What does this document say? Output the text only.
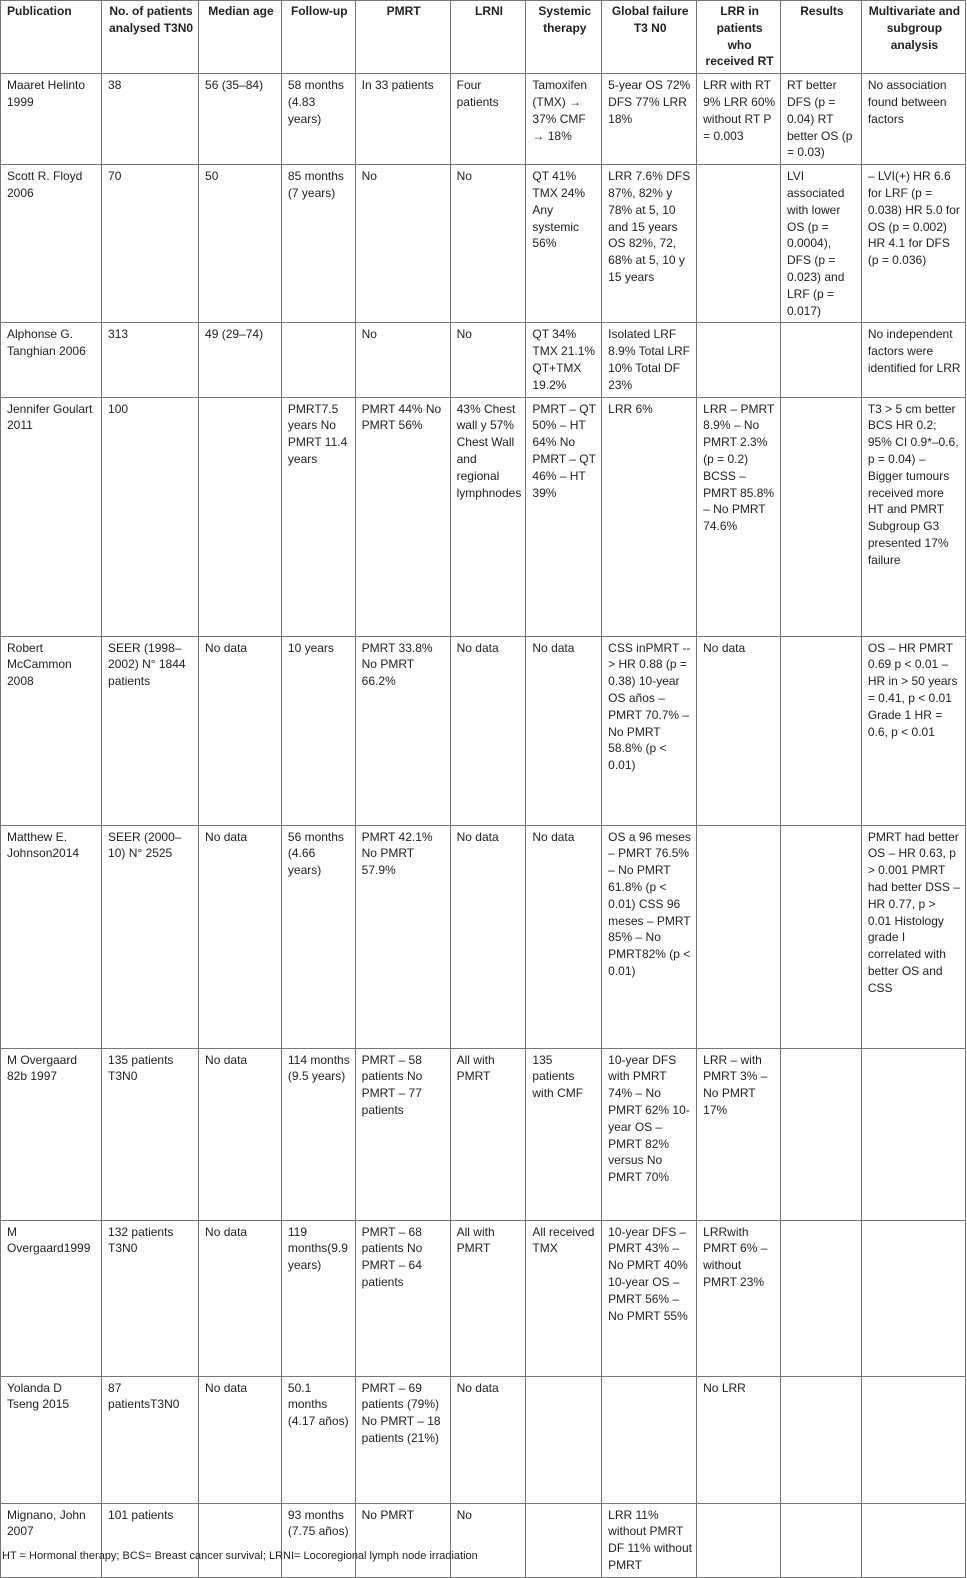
Publication	No. of patients analysed T3N0	Median age	Follow-up	PMRT	LRNI	Systemic therapy	Global failure T3 N0	LRR in patients who received RT	Results	Multivariate and subgroup analysis
Maaret Helinto 1999	38	56 (35–84)	58 months (4.83 years)	In 33 patients	Four patients	Tamoxifen (TMX) → 37% CMF → 18%	5-year OS 72% DFS 77% LRR 18%	LRR with RT 9% LRR 60% without RT P = 0.003	RT better DFS (p = 0.04) RT better OS (p = 0.03)	No association found between factors
Scott R. Floyd 2006	70	50	85 months (7 years)	No	No	QT 41% TMX 24% Any systemic 56%	LRR 7.6% DFS 87%, 82% y 78% at 5, 10 and 15 years OS 82%, 72, 68% at 5, 10 y 15 years		LVI associated with lower OS (p = 0.0004), DFS (p = 0.023) and LRF (p = 0.017)	– LVI(+) HR 6.6 for LRF (p = 0.038) HR 5.0 for OS (p = 0.002) HR 4.1 for DFS (p = 0.036)
Alphonse G. Tanghian 2006	313	49 (29–74)		No	No	QT 34% TMX 21.1% QT+TMX 19.2%	Isolated LRF 8.9% Total LRF 10% Total DF 23%			No independent factors were identified for LRR
Jennifer Goulart 2011	100		PMRT7.5 years No PMRT 11.4 years	PMRT 44% No PMRT 56%	43% Chest wall y 57% Chest Wall and regional lymphnodes	PMRT – QT 50% – HT 64% No PMRT – QT 46% – HT 39%	LRR 6%	LRR – PMRT 8.9% – No PMRT 2.3% (p = 0.2) BCSS – PMRT 85.8% – No PMRT 74.6%		T3 > 5 cm better BCS HR 0.2; 95% CI 0.9*–0.6, p = 0.04) – Bigger tumours received more HT and PMRT Subgroup G3 presented 17% failure
Robert McCammon 2008	SEER (1998–2002) N° 1844 patients	No data	10 years	PMRT 33.8% No PMRT 66.2%	No data	No data	CSS inPMRT -- > HR 0.88 (p = 0.38) 10-year OS años – PMRT 70.7% – No PMRT 58.8% (p < 0.01)	No data		OS – HR PMRT 0.69 p < 0.01 – HR in > 50 years = 0.41, p < 0.01 Grade 1 HR = 0.6, p < 0.01
Matthew E. Johnson2014	SEER (2000–10) N° 2525	No data	56 months (4.66 years)	PMRT 42.1% No PMRT 57.9%	No data	No data	OS a 96 meses – PMRT 76.5% – No PMRT 61.8% (p < 0.01) CSS 96 meses – PMRT 85% – No PMRT82% (p < 0.01)			PMRT had better OS – HR 0.63, p > 0.001 PMRT had better DSS – HR 0.77, p > 0.01 Histology grade I correlated with better OS and CSS
M Overgaard 82b 1997	135 patients T3N0	No data	114 months (9.5 years)	PMRT – 58 patients No PMRT – 77 patients	All with PMRT	135 patients with CMF	10-year DFS with PMRT 74% – No PMRT 62% 10-year OS – PMRT 82% versus No PMRT 70%	LRR – with PMRT 3% – No PMRT 17%		
M Overgaard1999	132 patients T3N0	No data	119 months(9.9 years)	PMRT – 68 patients No PMRT – 64 patients	All with PMRT	All received TMX	10-year DFS – PMRT 43% – No PMRT 40% 10-year OS – PMRT 56% – No PMRT 55%	LRRwith PMRT 6% – without PMRT 23%		
Yolanda D Tseng 2015	87 patientsT3N0	No data	50.1 months (4.17 años)	PMRT – 69 patients (79%) No PMRT – 18 patients (21%)	No data			No LRR		
Mignano, John 2007	101 patients		93 months (7.75 años)	No PMRT	No		LRR 11% without PMRT DF 11% without PMRT			
HT = Hormonal therapy; BCS= Breast cancer survival; LRNI= Locoregional lymph node irradiation
